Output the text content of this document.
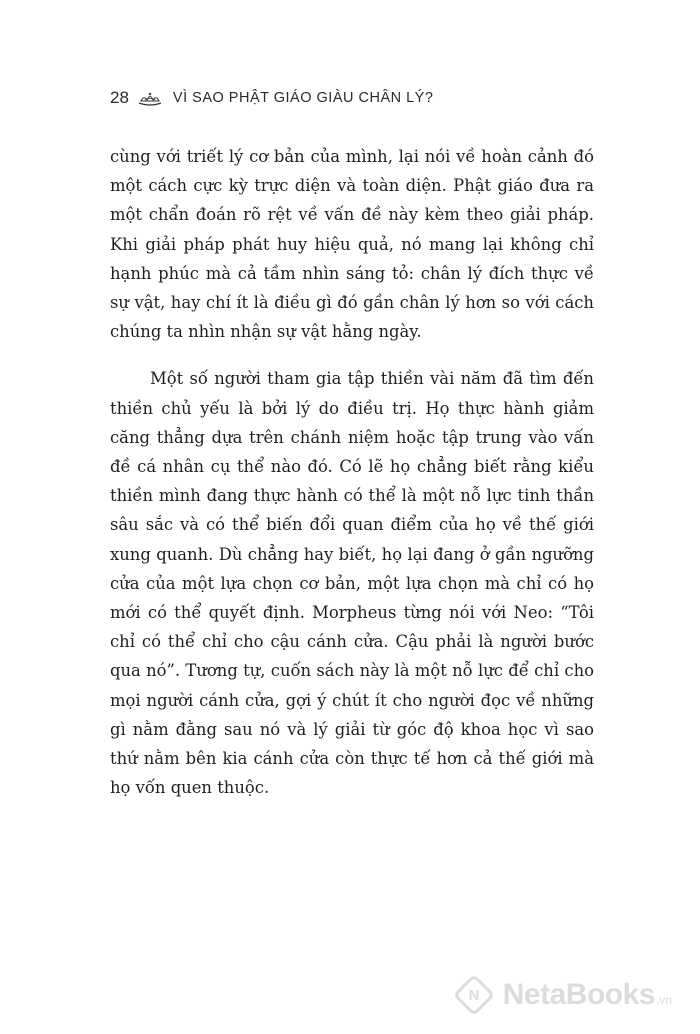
28	VÌ SAO PHẬT GIÁO GIÀU CHÂN LÝ?

cùng với triết lý cơ bản của mình, lại nói về hoàn cảnh đó một cách cực kỳ trực diện và toàn diện. Phật giáo đưa ra một chẩn đoán rõ rệt về vấn đề này kèm theo giải pháp. Khi giải pháp phát huy hiệu quả, nó mang lại không chỉ hạnh phúc mà cả tầm nhìn sáng tỏ: chân lý đích thực về sự vật, hay chí ít là điều gì đó gần chân lý hơn so với cách chúng ta nhìn nhận sự vật hằng ngày.

Một số người tham gia tập thiền vài năm đã tìm đến thiền chủ yếu là bởi lý do điều trị. Họ thực hành giảm căng thẳng dựa trên chánh niệm hoặc tập trung vào vấn đề cá nhân cụ thể nào đó. Có lẽ họ chẳng biết rằng kiểu thiền mình đang thực hành có thể là một nỗ lực tinh thần sâu sắc và có thể biến đổi quan điểm của họ về thế giới xung quanh. Dù chẳng hay biết, họ lại đang ở gần ngưỡng cửa của một lựa chọn cơ bản, một lựa chọn mà chỉ có họ mới có thể quyết định. Morpheus từng nói với Neo: “Tôi chỉ có thể chỉ cho cậu cánh cửa. Cậu phải là người bước qua nó”. Tương tự, cuốn sách này là một nỗ lực để chỉ cho mọi người cánh cửa, gợi ý chút ít cho người đọc về những gì nằm đằng sau nó và lý giải từ góc độ khoa học vì sao thứ nằm bên kia cánh cửa còn thực tế hơn cả thế giới mà họ vốn quen thuộc.

N NetaBooks .vn
